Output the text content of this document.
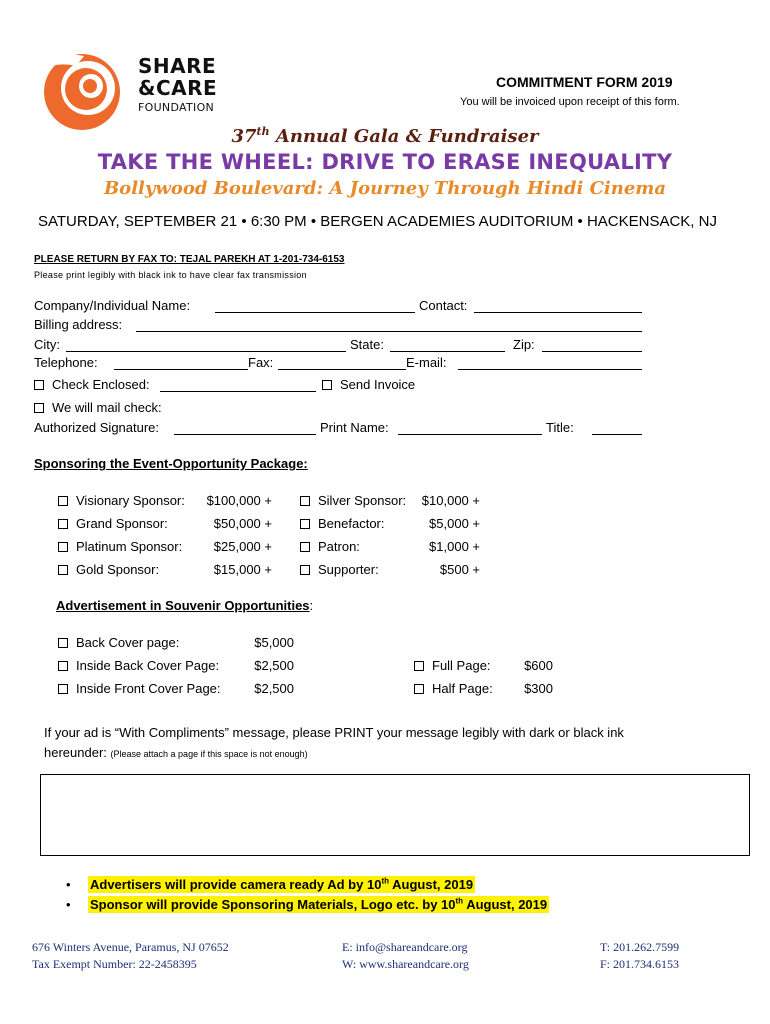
SHARE
&CARE
FOUNDATION
COMMITMENT FORM 2019
You will be invoiced upon receipt of this form.
37th Annual Gala & Fundraiser
TAKE THE WHEEL: DRIVE TO ERASE INEQUALITY
Bollywood Boulevard: A Journey Through Hindi Cinema
SATURDAY, SEPTEMBER 21 • 6:30 PM • BERGEN ACADEMIES AUDITORIUM • HACKENSACK, NJ
PLEASE RETURN BY FAX TO: TEJAL PAREKH AT 1-201-734-6153
Please print legibly with black ink to have clear fax transmission
Company/Individual Name:	Contact:
Billing address:
City:	State:	Zip:
Telephone:	Fax:	E-mail:
Check Enclosed:	Send Invoice
We will mail check:
Authorized Signature:	Print Name:	Title:
Sponsoring the Event-Opportunity Package:
Visionary Sponsor:	$100,000 +
Grand Sponsor:	$50,000 +
Platinum Sponsor:	$25,000 +
Gold Sponsor:	$15,000 +
Silver Sponsor:	$10,000 +
Benefactor:	$5,000 +
Patron:	$1,000 +
Supporter:	$500 +
Advertisement in Souvenir Opportunities:
Back Cover page:	$5,000
Inside Back Cover Page:	$2,500
Inside Front Cover Page:	$2,500
Full Page:	$600
Half Page:	$300
If your ad is “With Compliments” message, please PRINT your message legibly with dark or black ink
hereunder: (Please attach a page if this space is not enough)
• Advertisers will provide camera ready Ad by 10th August, 2019
• Sponsor will provide Sponsoring Materials, Logo etc. by 10th August, 2019
676 Winters Avenue, Paramus, NJ 07652
Tax Exempt Number: 22-2458395
E: info@shareandcare.org
W: www.shareandcare.org
T: 201.262.7599
F: 201.734.6153
